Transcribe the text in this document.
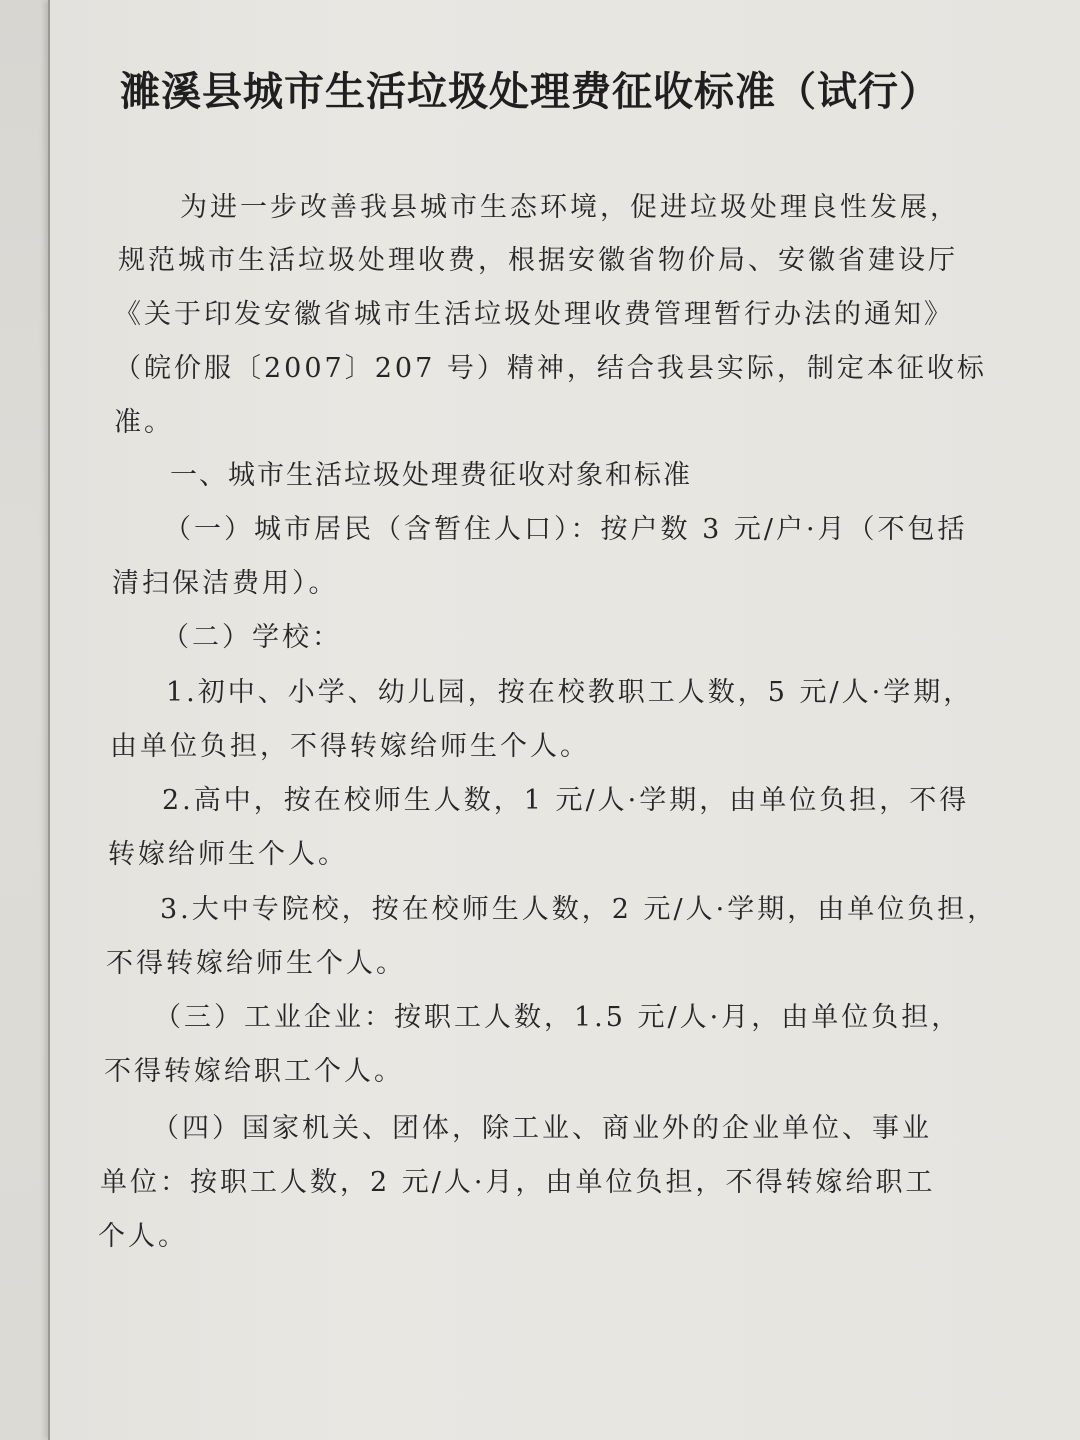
濉溪县城市生活垃圾处理费征收标准（试行）
为进一步改善我县城市生态环境，促进垃圾处理良性发展，
规范城市生活垃圾处理收费，根据安徽省物价局、安徽省建设厅
《关于印发安徽省城市生活垃圾处理收费管理暂行办法的通知》
（皖价服〔2007〕207 号）精神，结合我县实际，制定本征收标
准。
一、城市生活垃圾处理费征收对象和标准
（一）城市居民（含暂住人口）：按户数 3 元/户·月（不包括
清扫保洁费用）。
（二）学校：
1.初中、小学、幼儿园，按在校教职工人数，5 元/人·学期，
由单位负担，不得转嫁给师生个人。
2.高中，按在校师生人数，1 元/人·学期，由单位负担，不得
转嫁给师生个人。
3.大中专院校，按在校师生人数，2 元/人·学期，由单位负担，
不得转嫁给师生个人。
（三）工业企业：按职工人数，1.5 元/人·月，由单位负担，
不得转嫁给职工个人。
（四）国家机关、团体，除工业、商业外的企业单位、事业
单位：按职工人数，2 元/人·月，由单位负担，不得转嫁给职工
个人。
